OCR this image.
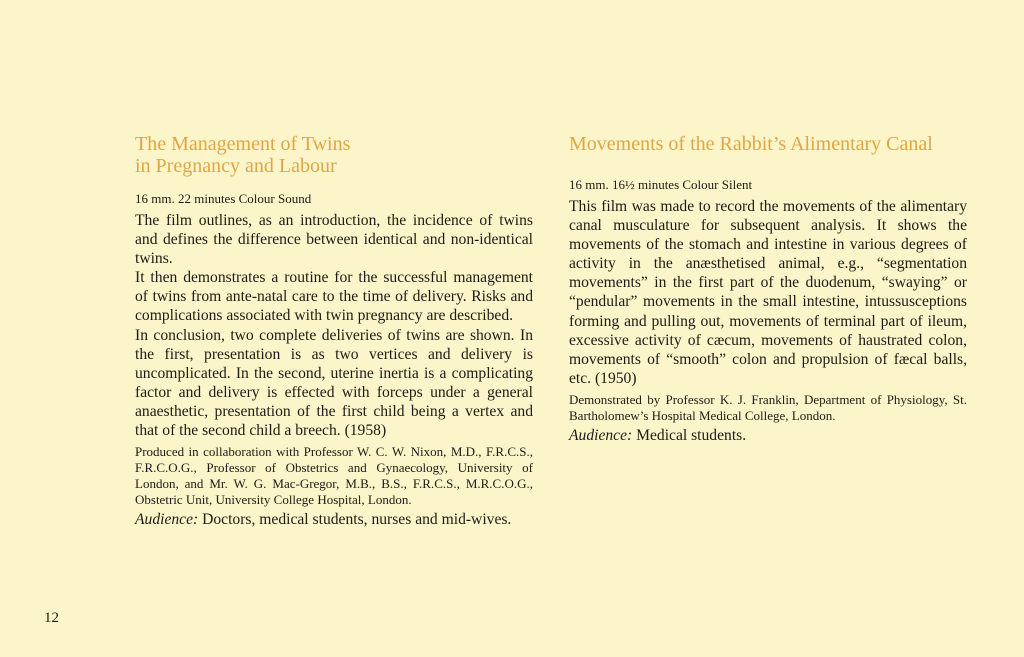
The Management of Twins
in Pregnancy and Labour

16 mm. 22 minutes Colour Sound

The film outlines, as an introduction, the incidence of twins and defines the difference between identical and non-identical twins.

It then demonstrates a routine for the successful management of twins from ante-natal care to the time of delivery. Risks and complications associated with twin pregnancy are described.

In conclusion, two complete deliveries of twins are shown. In the first, presentation is as two vertices and delivery is uncomplicated. In the second, uterine inertia is a complicating factor and delivery is effected with forceps under a general anaesthetic, presentation of the first child being a vertex and that of the second child a breech. (1958)

Produced in collaboration with Professor W. C. W. Nixon, M.D., F.R.C.S., F.R.C.O.G., Professor of Obstetrics and Gynaecology, University of London, and Mr. W. G. Mac-Gregor, M.B., B.S., F.R.C.S., M.R.C.O.G., Obstetric Unit, University College Hospital, London.

Audience: Doctors, medical students, nurses and mid-wives.

Movements of the Rabbit’s Alimentary Canal

16 mm. 16½ minutes Colour Silent

This film was made to record the movements of the alimentary canal musculature for subsequent analysis. It shows the movements of the stomach and intestine in various degrees of activity in the anæsthetised animal, e.g., “segmentation movements” in the first part of the duodenum, “swaying” or “pendular” movements in the small intestine, intussusceptions forming and pulling out, movements of terminal part of ileum, excessive activity of cæcum, movements of haustrated colon, movements of “smooth” colon and propulsion of fæcal balls, etc. (1950)

Demonstrated by Professor K. J. Franklin, Department of Physiology, St. Bartholomew’s Hospital Medical College, London.

Audience: Medical students.

12
